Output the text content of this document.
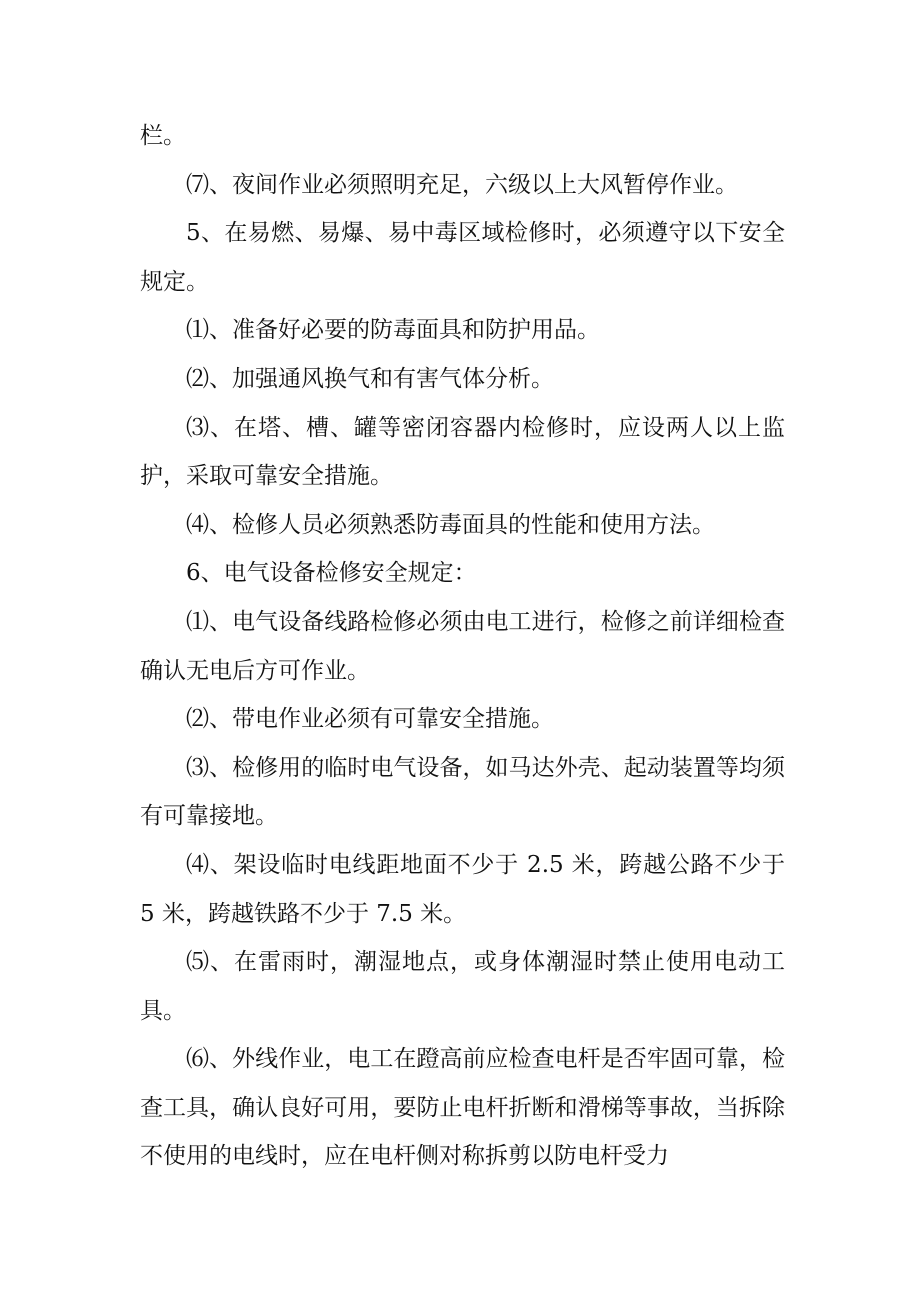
栏。

⑺、夜间作业必须照明充足，六级以上大风暂停作业。

5、在易燃、易爆、易中毒区域检修时，必须遵守以下安全规定。

⑴、准备好必要的防毒面具和防护用品。

⑵、加强通风换气和有害气体分析。

⑶、在塔、槽、罐等密闭容器内检修时，应设两人以上监护，采取可靠安全措施。

⑷、检修人员必须熟悉防毒面具的性能和使用方法。

6、电气设备检修安全规定：

⑴、电气设备线路检修必须由电工进行，检修之前详细检查确认无电后方可作业。

⑵、带电作业必须有可靠安全措施。

⑶、检修用的临时电气设备，如马达外壳、起动装置等均须有可靠接地。

⑷、架设临时电线距地面不少于 2.5 米，跨越公路不少于 5 米，跨越铁路不少于 7.5 米。

⑸、在雷雨时，潮湿地点，或身体潮湿时禁止使用电动工具。

⑹、外线作业，电工在蹬高前应检查电杆是否牢固可靠，检查工具，确认良好可用，要防止电杆折断和滑梯等事故，当拆除不使用的电线时，应在电杆侧对称拆剪以防电杆受力
